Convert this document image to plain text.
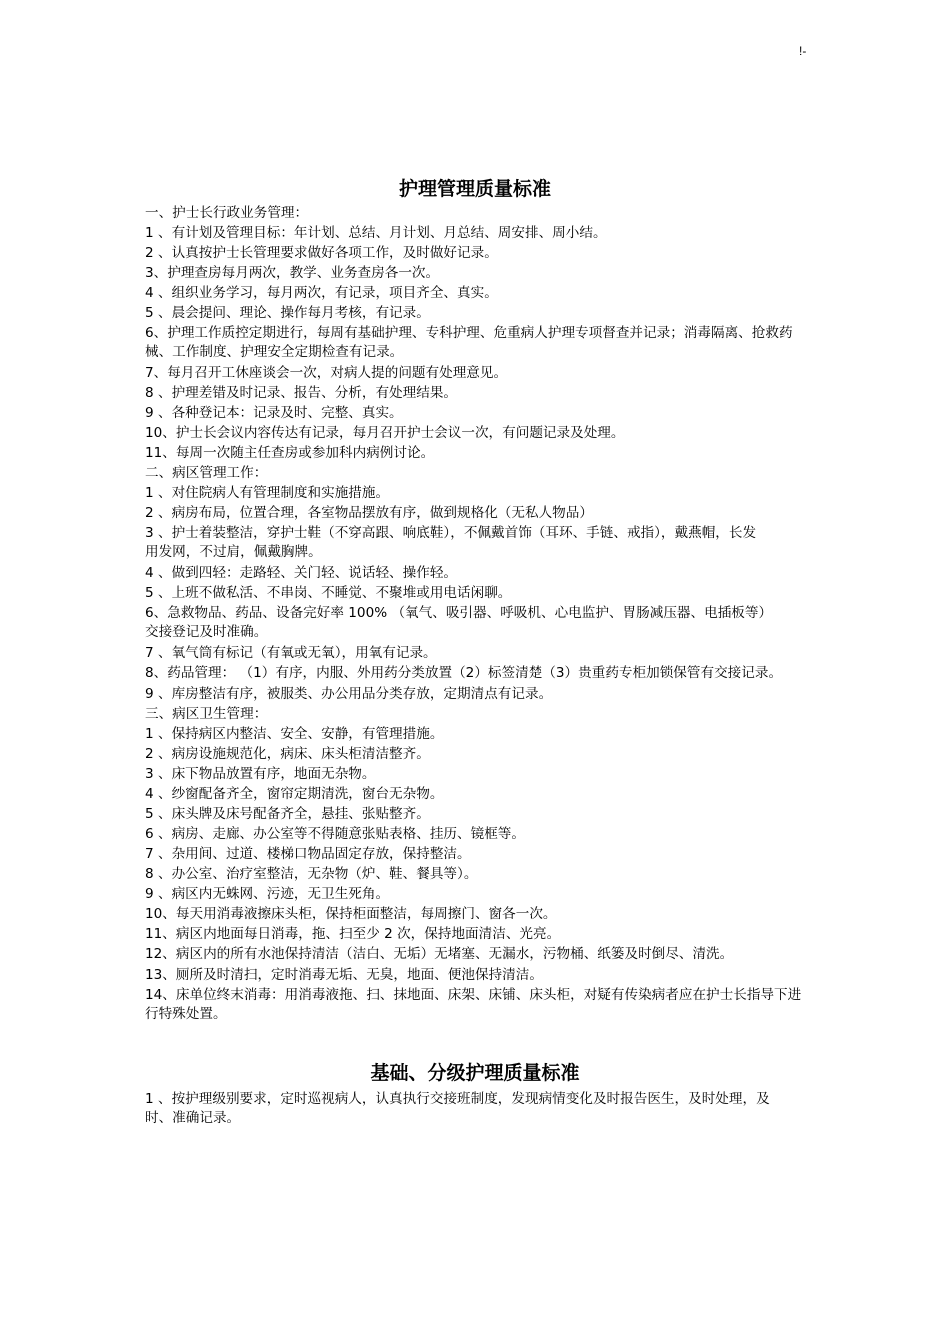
!-
护理管理质量标准
一、护士长行政业务管理：
1 、有计划及管理目标：年计划、总结、月计划、月总结、周安排、周小结。
2 、认真按护士长管理要求做好各项工作，及时做好记录。
3、护理查房每月两次，教学、业务查房各一次。
4 、组织业务学习，每月两次，有记录，项目齐全、真实。
5 、晨会提问、理论、操作每月考核，有记录。
6、护理工作质控定期进行，每周有基础护理、专科护理、危重病人护理专项督查并记录；消毒隔离、抢救药械、工作制度、护理安全定期检查有记录。
7、每月召开工休座谈会一次，对病人提的问题有处理意见。
8 、护理差错及时记录、报告、分析，有处理结果。
9 、各种登记本：记录及时、完整、真实。
10、护士长会议内容传达有记录，每月召开护士会议一次，有问题记录及处理。
11、每周一次随主任查房或参加科内病例讨论。
二、病区管理工作：
1 、对住院病人有管理制度和实施措施。
2 、病房布局，位置合理，各室物品摆放有序，做到规格化（无私人物品）
3 、护士着装整洁，穿护士鞋（不穿高跟、响底鞋），不佩戴首饰（耳环、手链、戒指），戴燕帽，长发用发网，不过肩，佩戴胸牌。
4 、做到四轻：走路轻、关门轻、说话轻、操作轻。
5 、上班不做私活、不串岗、不睡觉、不聚堆或用电话闲聊。
6、急救物品、药品、设备完好率 100% （氧气、吸引器、呼吸机、心电监护、胃肠减压器、电插板等）交接登记及时准确。
7 、氧气筒有标记（有氧或无氧），用氧有记录。
8、药品管理： （1）有序，内服、外用药分类放置（2）标签清楚（3）贵重药专柜加锁保管有交接记录。
9 、库房整洁有序，被服类、办公用品分类存放，定期清点有记录。
三、病区卫生管理：
1 、保持病区内整洁、安全、安静，有管理措施。
2 、病房设施规范化，病床、床头柜清洁整齐。
3 、床下物品放置有序，地面无杂物。
4 、纱窗配备齐全，窗帘定期清洗，窗台无杂物。
5 、床头牌及床号配备齐全，悬挂、张贴整齐。
6 、病房、走廊、办公室等不得随意张贴表格、挂历、镜框等。
7 、杂用间、过道、楼梯口物品固定存放，保持整洁。
8 、办公室、治疗室整洁，无杂物（炉、鞋、餐具等）。
9 、病区内无蛛网、污迹，无卫生死角。
10、每天用消毒液擦床头柜，保持柜面整洁，每周擦门、窗各一次。
11、病区内地面每日消毒，拖、扫至少 2 次，保持地面清洁、光亮。
12、病区内的所有水池保持清洁（洁白、无垢）无堵塞、无漏水，污物桶、纸篓及时倒尽、清洗。
13、厕所及时清扫，定时消毒无垢、无臭，地面、便池保持清洁。
14、床单位终末消毒：用消毒液拖、扫、抹地面、床架、床铺、床头柜，对疑有传染病者应在护士长指导下进行特殊处置。
基础、分级护理质量标准
1 、按护理级别要求，定时巡视病人，认真执行交接班制度，发现病情变化及时报告医生，及时处理，及时、准确记录。
